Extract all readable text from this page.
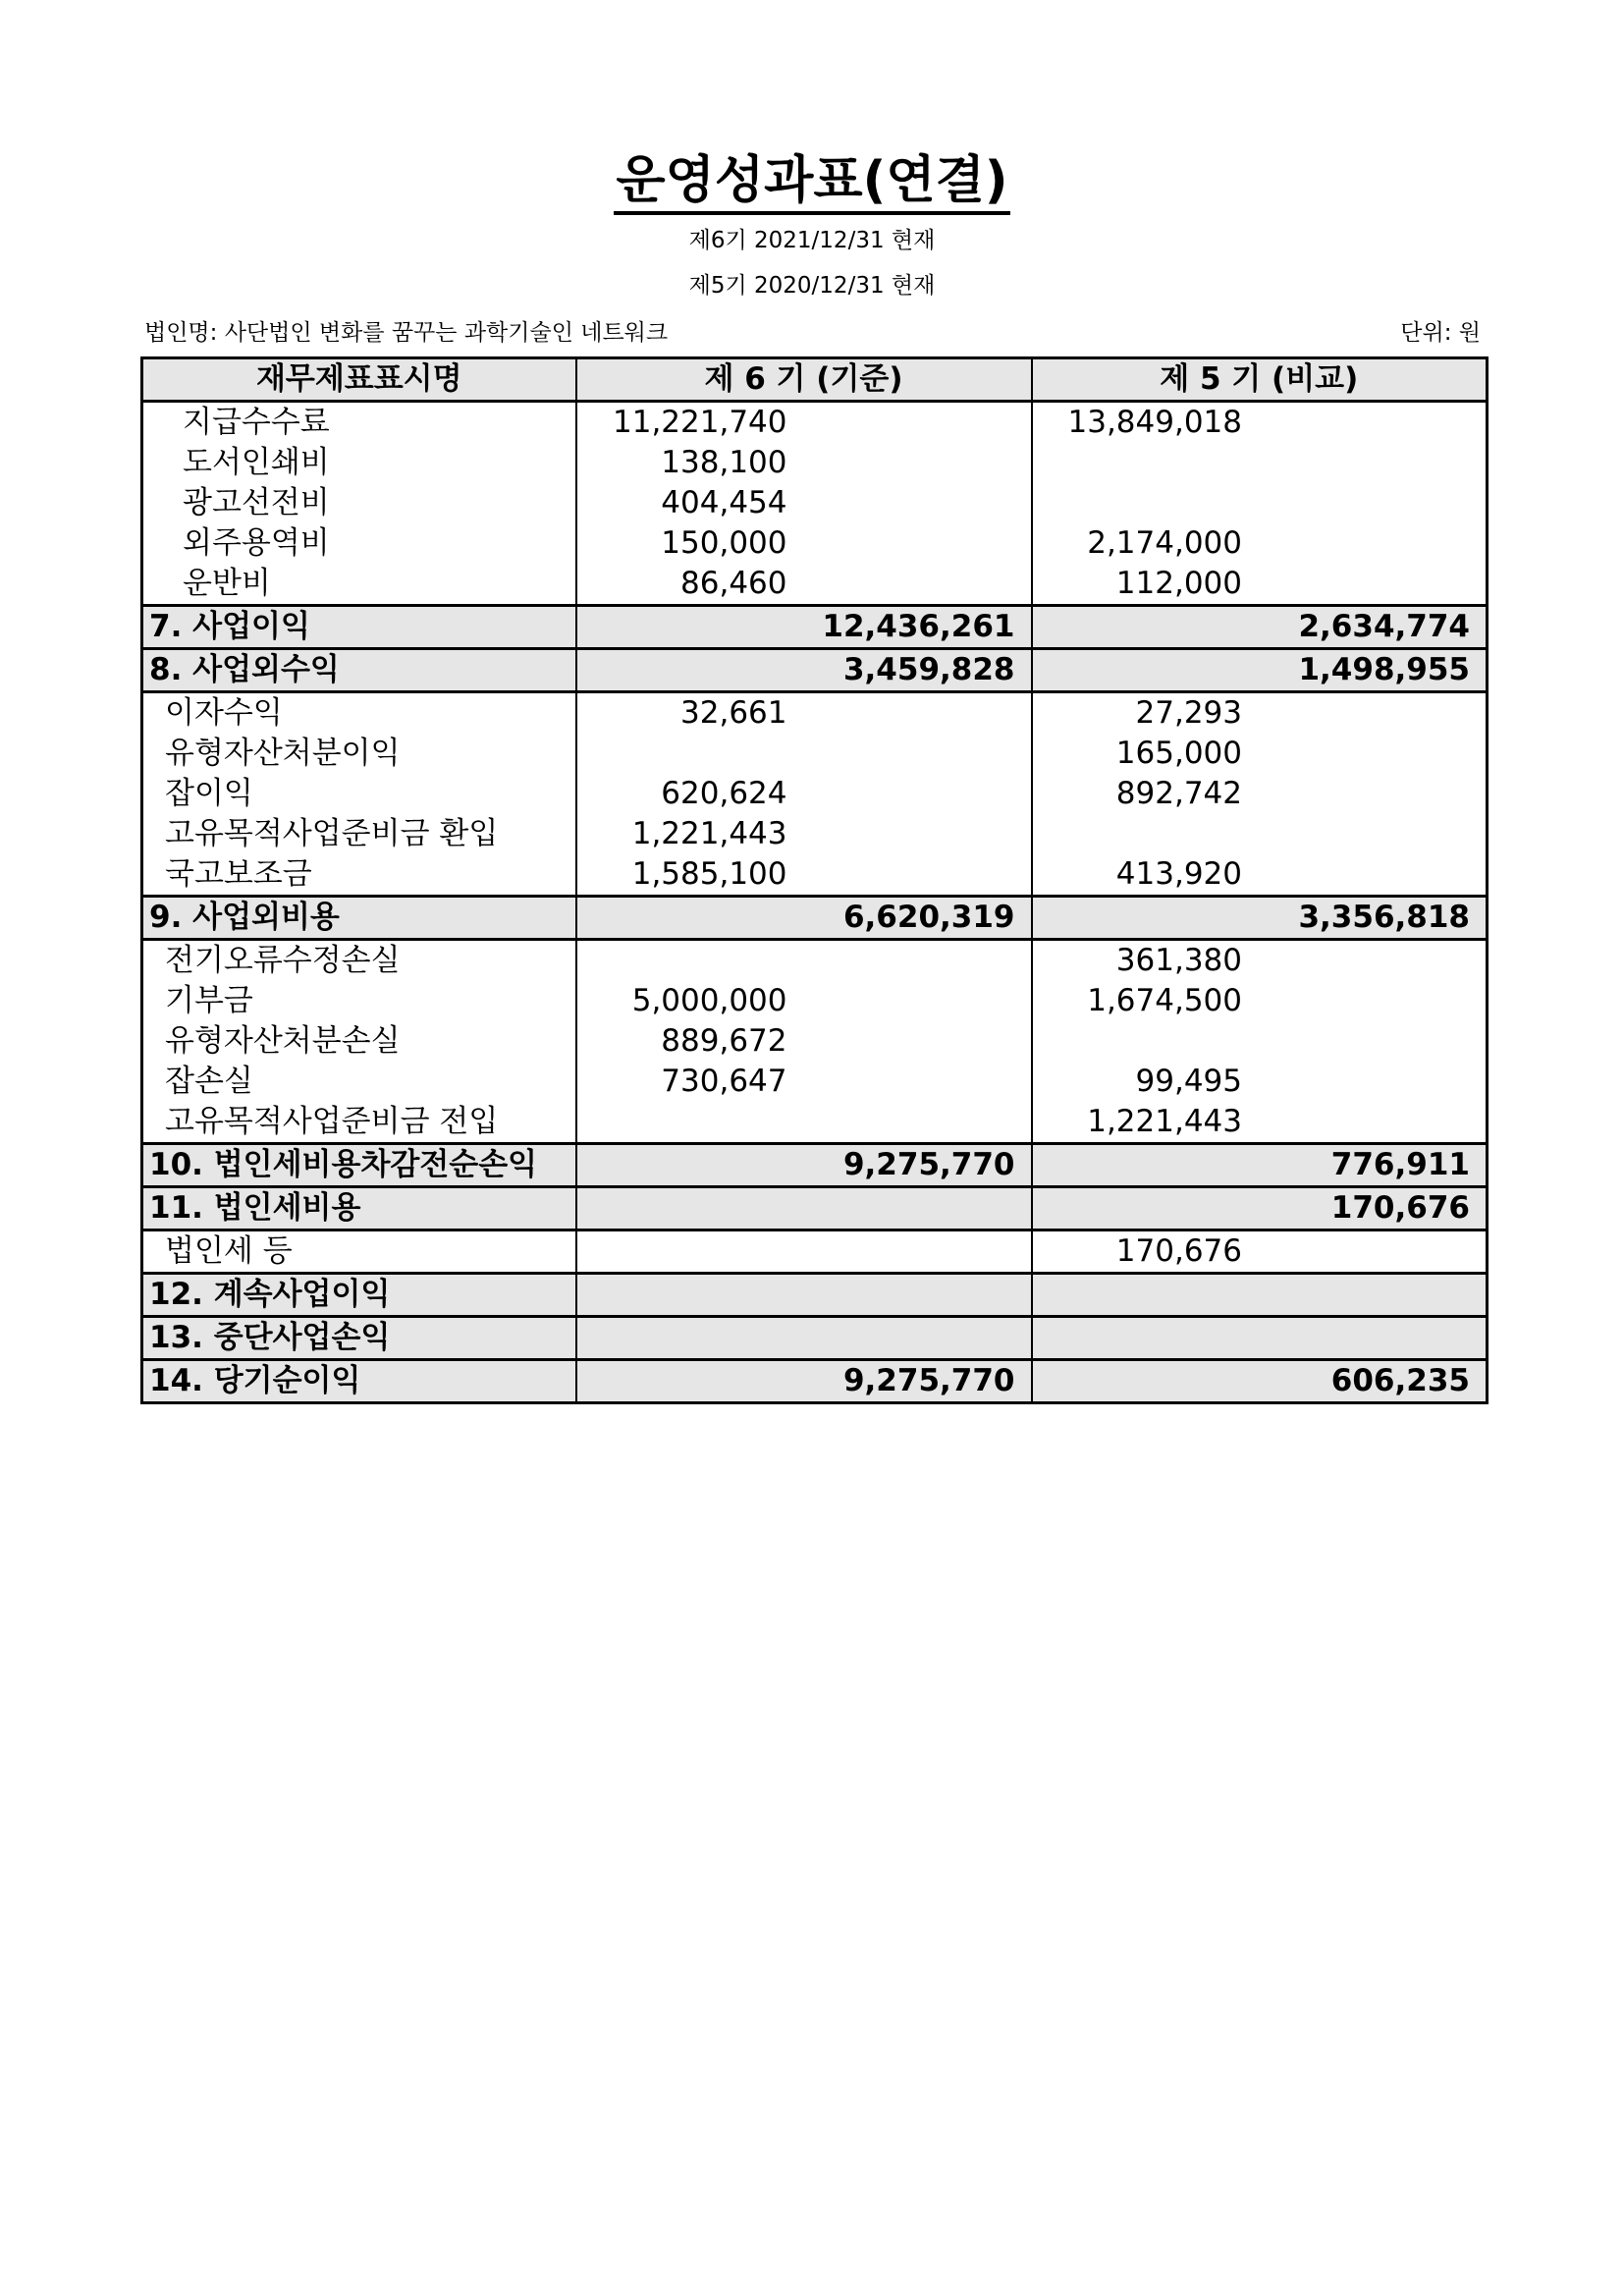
운영성과표(연결)
제6기 2021/12/31 현재
제5기 2020/12/31 현재
법인명: 사단법인 변화를 꿈꾸는 과학기술인 네트워크	단위: 원
재무제표표시명	제 6 기 (기준)	제 5 기 (비교)
지급수수료	11,221,740	13,849,018

도서인쇄비	138,100	

광고선전비	404,454	

외주용역비	150,000	2,174,000

운반비	86,460	112,000

7. 사업이익	12,436,261	2,634,774

8. 사업외수익	3,459,828	1,498,955

이자수익	32,661	27,293

유형자산처분이익		165,000

잡이익	620,624	892,742

고유목적사업준비금 환입	1,221,443	

국고보조금	1,585,100	413,920

9. 사업외비용	6,620,319	3,356,818

전기오류수정손실		361,380

기부금	5,000,000	1,674,500

유형자산처분손실	889,672	

잡손실	730,647	99,495

고유목적사업준비금 전입		1,221,443

10. 법인세비용차감전순손익	9,275,770	776,911

11. 법인세비용		170,676

법인세 등		170,676

12. 계속사업이익	

13. 중단사업손익	

14. 당기순이익	9,275,770	606,235
